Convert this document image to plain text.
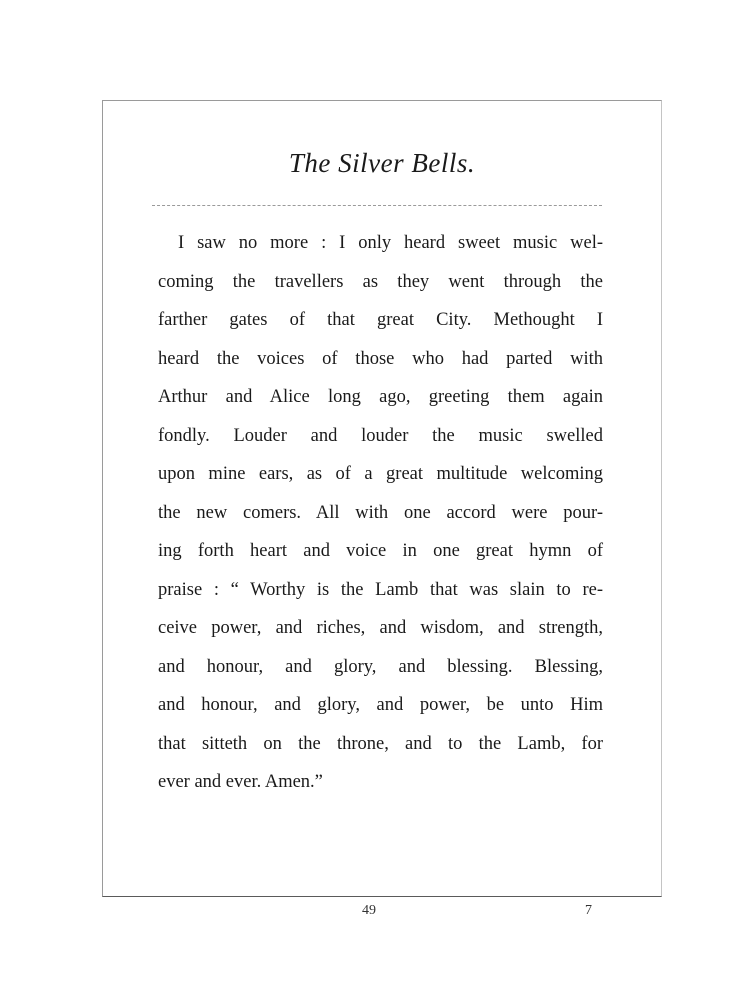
The Silver Bells.
I saw no more : I only heard sweet music wel-
coming the travellers as they went through the
farther gates of that great City. Methought I
heard the voices of those who had parted with
Arthur and Alice long ago, greeting them again
fondly. Louder and louder the music swelled
upon mine ears, as of a great multitude welcoming
the new comers. All with one accord were pour-
ing forth heart and voice in one great hymn of
praise : “ Worthy is the Lamb that was slain to re-
ceive power, and riches, and wisdom, and strength,
and honour, and glory, and blessing. Blessing,
and honour, and glory, and power, be unto Him
that sitteth on the throne, and to the Lamb, for
ever and ever. Amen.”
49	7
